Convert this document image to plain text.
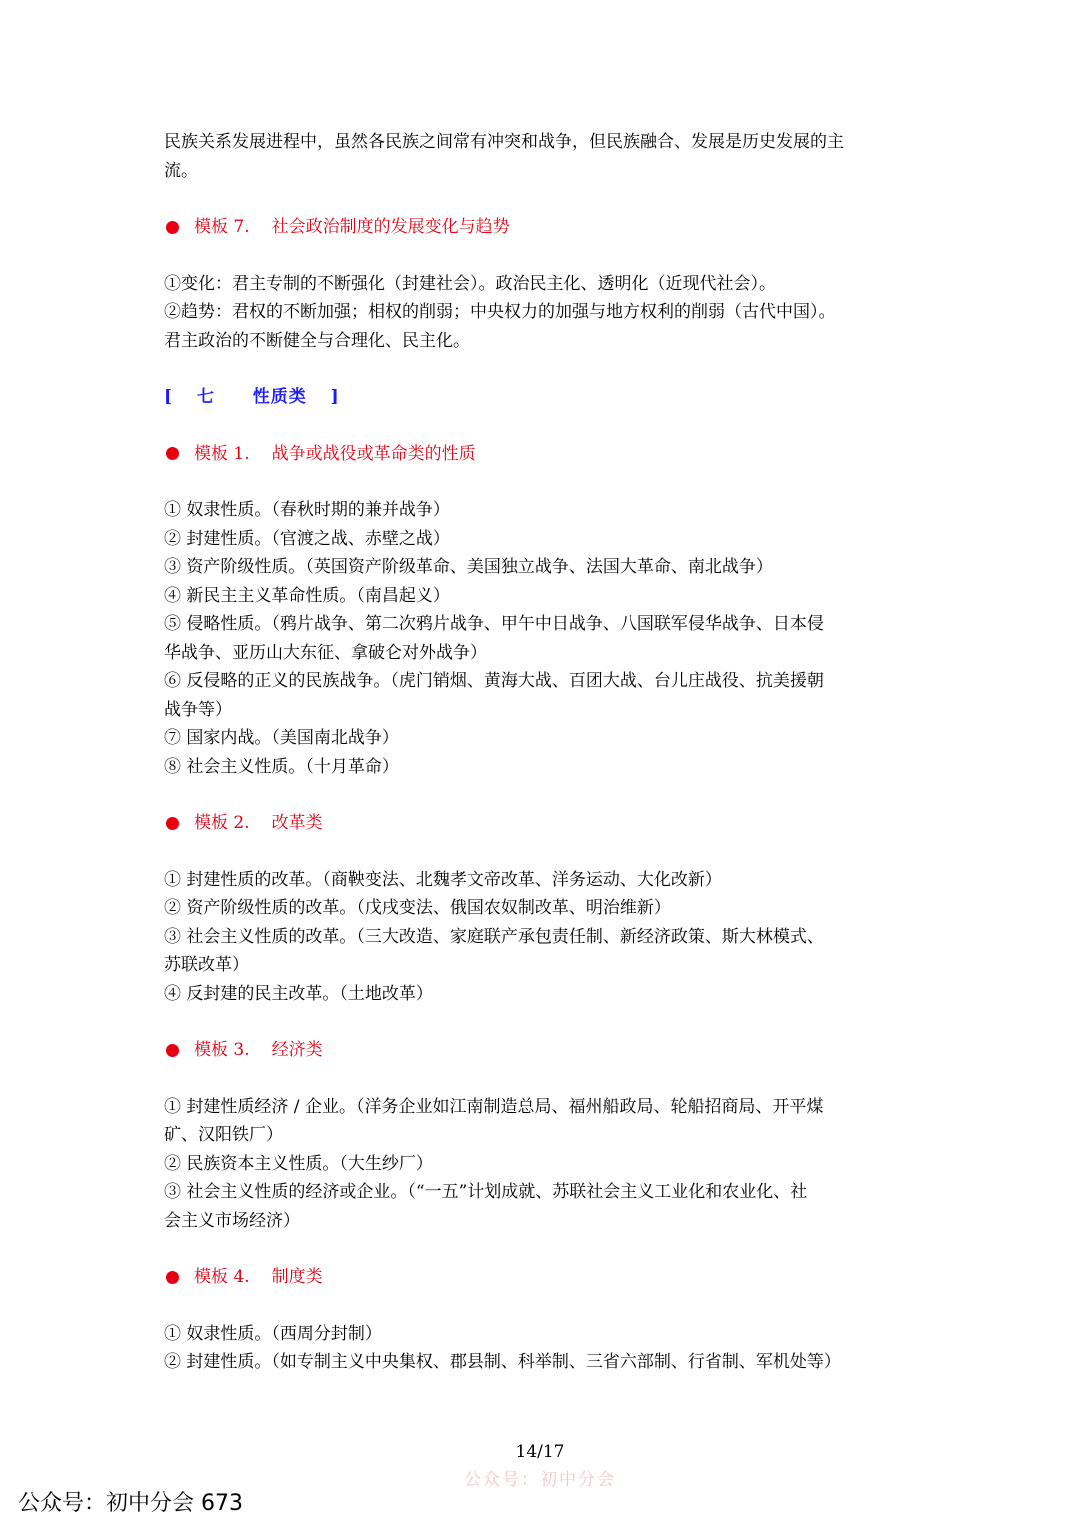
民族关系发展进程中，虽然各民族之间常有冲突和战争，但民族融合、发展是历史发展的主

流。

模板 7. 社会政治制度的发展变化与趋势

①变化：君主专制的不断强化（封建社会）。政治民主化、透明化（近现代社会）。

②趋势：君权的不断加强；相权的削弱；中央权力的加强与地方权利的削弱（古代中国）。

君主政治的不断健全与合理化、民主化。

[ 七 性质类 ]

模板 1. 战争或战役或革命类的性质

① 奴隶性质。（春秋时期的兼并战争）

② 封建性质。（官渡之战、赤壁之战）

③ 资产阶级性质。（英国资产阶级革命、美国独立战争、法国大革命、南北战争）

④ 新民主主义革命性质。（南昌起义）

⑤ 侵略性质。（鸦片战争、第二次鸦片战争、甲午中日战争、八国联军侵华战争、日本侵

华战争、亚历山大东征、拿破仑对外战争）

⑥ 反侵略的正义的民族战争。（虎门销烟、黄海大战、百团大战、台儿庄战役、抗美援朝

战争等）

⑦ 国家内战。（美国南北战争）

⑧ 社会主义性质。（十月革命）

模板 2. 改革类

① 封建性质的改革。（商鞅变法、北魏孝文帝改革、洋务运动、大化改新）

② 资产阶级性质的改革。（戊戌变法、俄国农奴制改革、明治维新）

③ 社会主义性质的改革。（三大改造、家庭联产承包责任制、新经济政策、斯大林模式、

苏联改革）

④ 反封建的民主改革。（土地改革）

模板 3. 经济类

① 封建性质经济 / 企业。（洋务企业如江南制造总局、福州船政局、轮船招商局、开平煤

矿、汉阳铁厂）

② 民族资本主义性质。（大生纱厂）

③ 社会主义性质的经济或企业。（“一五”计划成就、苏联社会主义工业化和农业化、社

会主义市场经济）

模板 4. 制度类

① 奴隶性质。（西周分封制）

② 封建性质。（如专制主义中央集权、郡县制、科举制、三省六部制、行省制、军机处等）

14/17
公众号：初中分会
公众号：初中分会 673
